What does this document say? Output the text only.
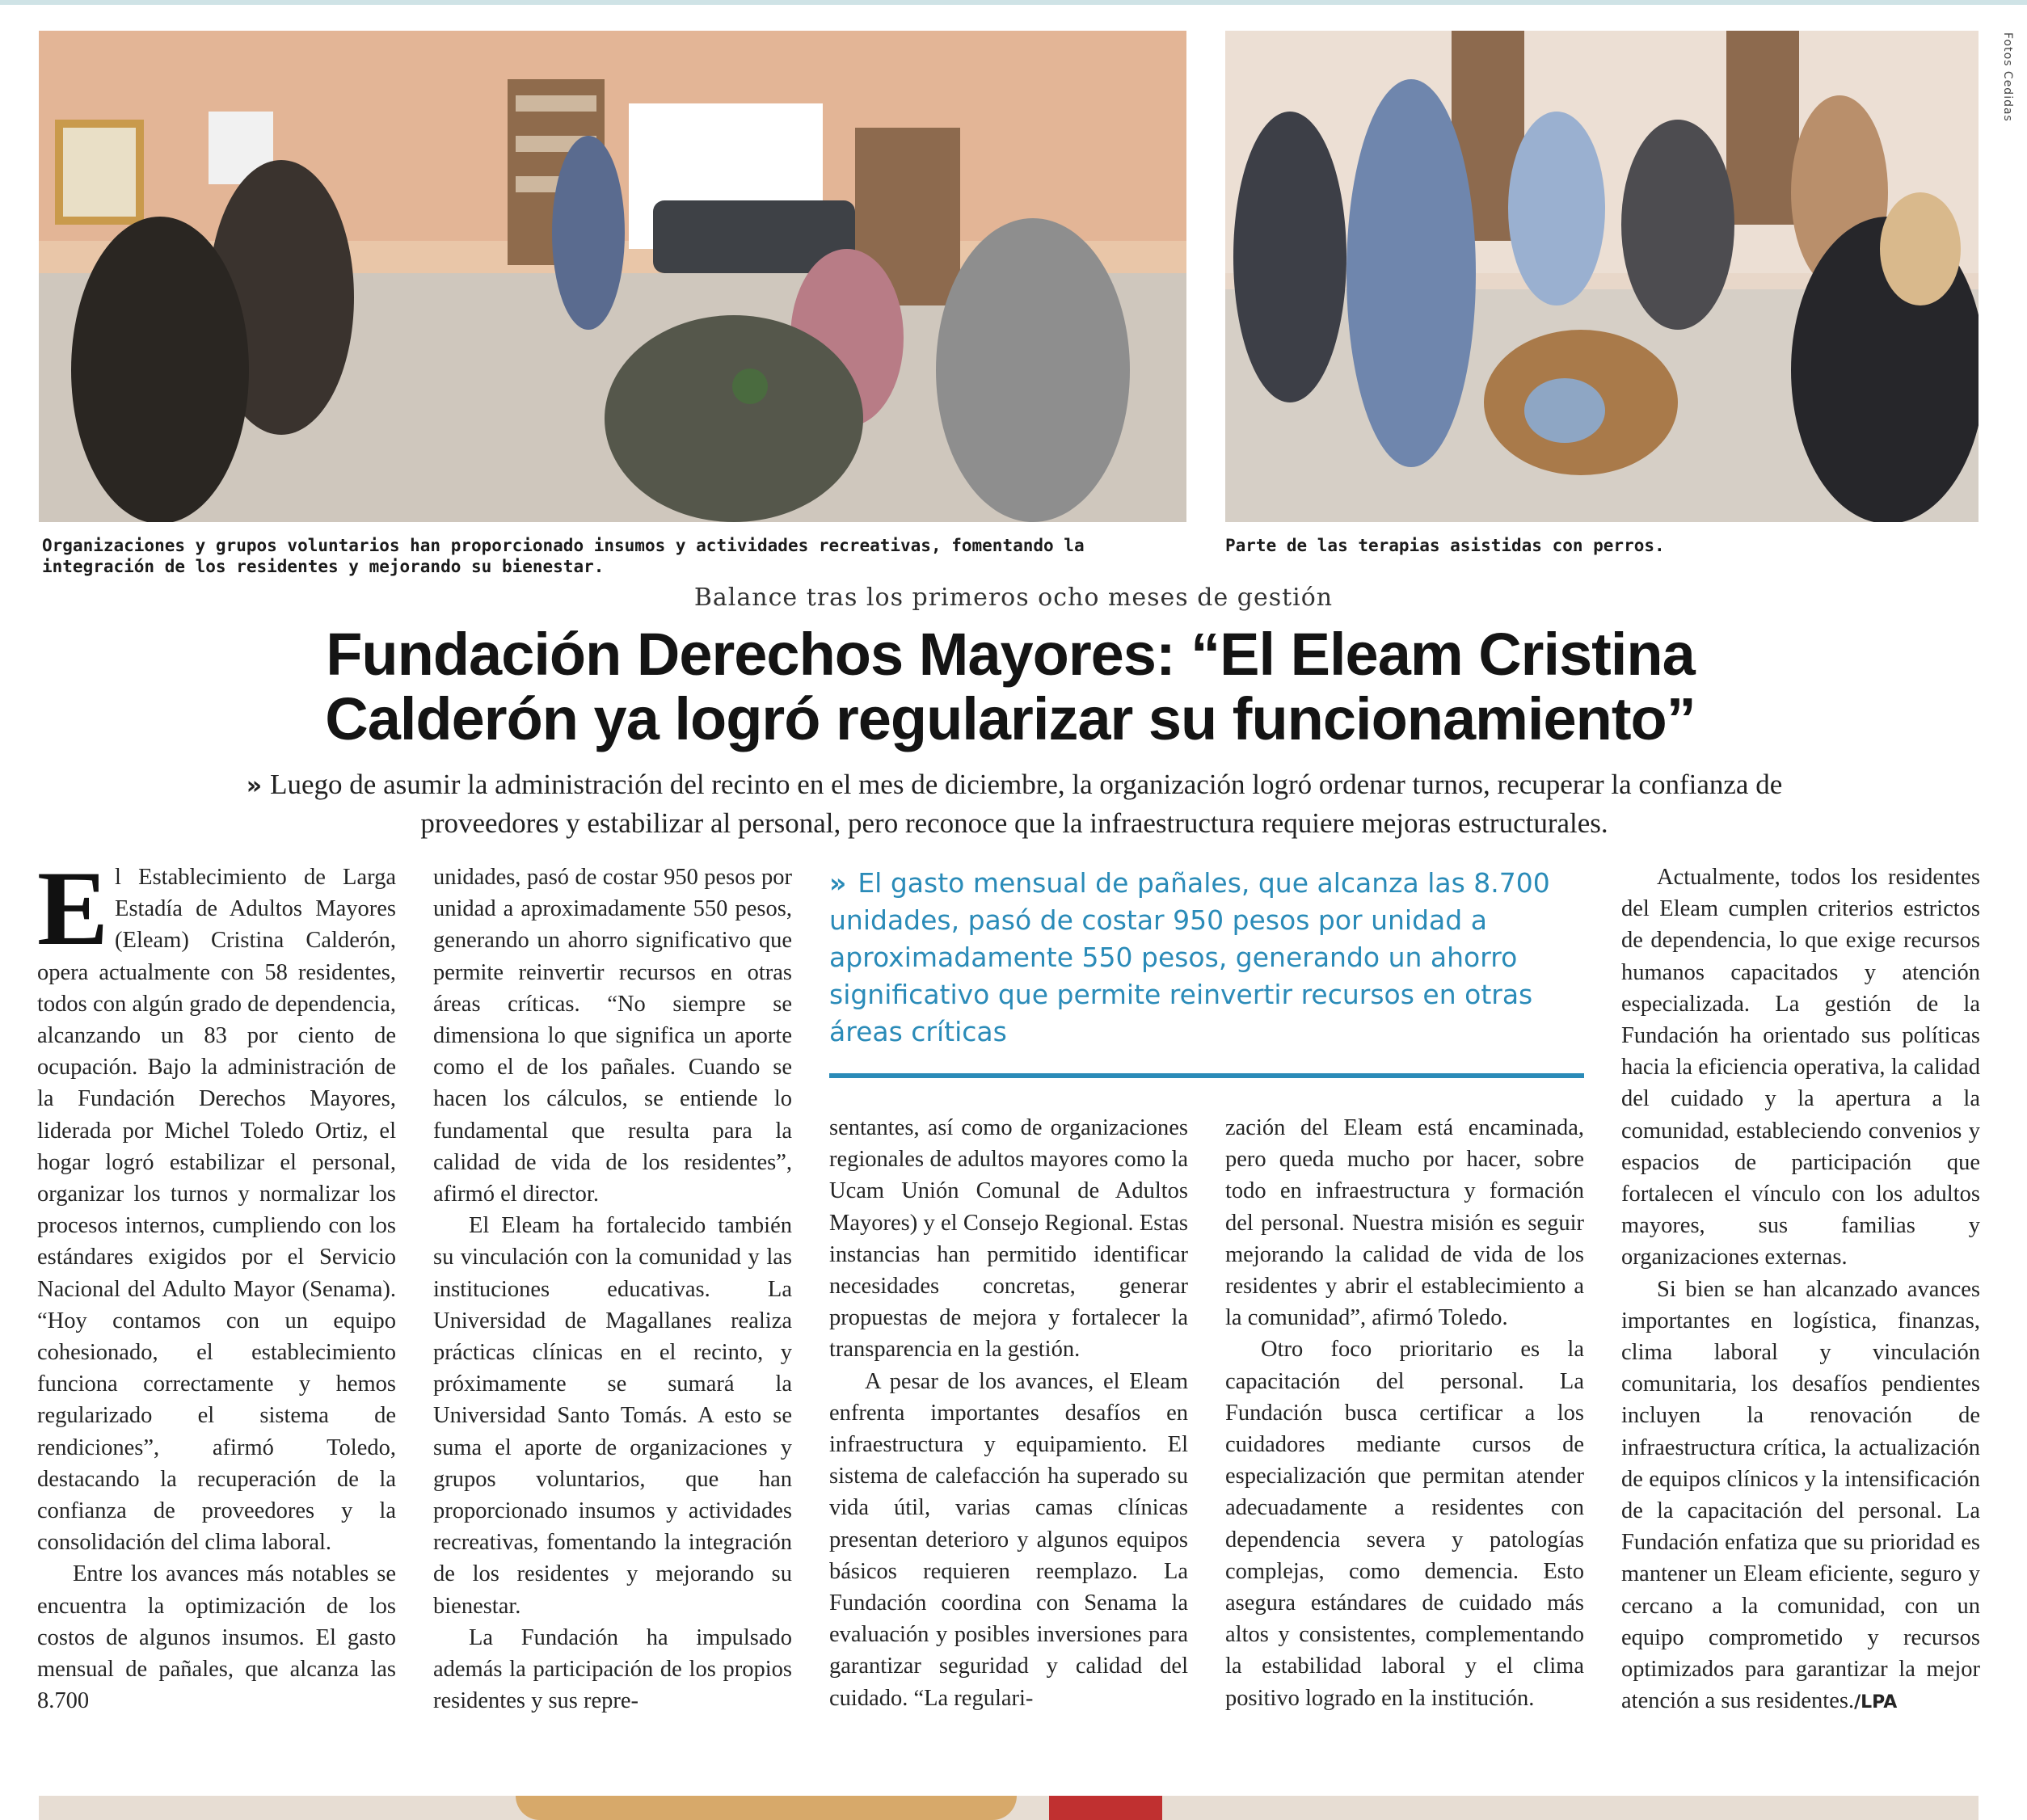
Fotos Cedidas
Organizaciones y grupos voluntarios han proporcionado insumos y actividades recreativas, fomentando la integración de los residentes y mejorando su bienestar.
Parte de las terapias asistidas con perros.
Balance tras los primeros ocho meses de gestión
Fundación Derechos Mayores: “El Eleam Cristina
Calderón ya logró regularizar su funcionamiento”
» Luego de asumir la administración del recinto en el mes de diciembre, la organización logró ordenar turnos, recuperar la confianza de proveedores y estabilizar al personal, pero reconoce que la infraestructura requiere mejoras estructurales.

El Establecimiento de Larga Estadía de Adultos Mayores (Eleam) Cristina Calderón, opera actualmente con 58 residentes, todos con algún grado de dependencia, alcanzando un 83 por ciento de ocupación. Bajo la administración de la Fundación Derechos Mayores, liderada por Michel Toledo Ortiz, el hogar logró estabilizar el personal, organizar los turnos y normalizar los procesos internos, cumpliendo con los estándares exigidos por el Servicio Nacional del Adulto Mayor (Senama). “Hoy contamos con un equipo cohesionado, el establecimiento funciona correctamente y hemos regularizado el sistema de rendiciones”, afirmó Toledo, destacando la recuperación de la confianza de proveedores y la consolidación del clima laboral.

Entre los avances más notables se encuentra la optimización de los costos de algunos insumos. El gasto mensual de pañales, que alcanza las 8.700

unidades, pasó de costar 950 pesos por unidad a aproximadamente 550 pesos, generando un ahorro significativo que permite reinvertir recursos en otras áreas críticas. “No siempre se dimensiona lo que significa un aporte como el de los pañales. Cuando se hacen los cálculos, se entiende lo fundamental que resulta para la calidad de vida de los residentes”, afirmó el director.

El Eleam ha fortalecido también su vinculación con la comunidad y las instituciones educativas. La Universidad de Magallanes realiza prácticas clínicas en el recinto, y próximamente se sumará la Universidad Santo Tomás. A esto se suma el aporte de organizaciones y grupos voluntarios, que han proporcionado insumos y actividades recreativas, fomentando la integración de los residentes y mejorando su bienestar.

La Fundación ha impulsado además la participación de los propios residentes y sus repre-

» El gasto mensual de pañales, que alcanza las 8.700 unidades, pasó de costar 950 pesos por unidad a aproximadamente 550 pesos, generando un ahorro significativo que permite reinvertir recursos en otras áreas críticas

sentantes, así como de organizaciones regionales de adultos mayores como la Ucam Unión Comunal de Adultos Mayores) y el Consejo Regional. Estas instancias han permitido identificar necesidades concretas, generar propuestas de mejora y fortalecer la transparencia en la gestión.

A pesar de los avances, el Eleam enfrenta importantes desafíos en infraestructura y equipamiento. El sistema de calefacción ha superado su vida útil, varias camas clínicas presentan deterioro y algunos equipos básicos requieren reemplazo. La Fundación coordina con Senama la evaluación y posibles inversiones para garantizar seguridad y calidad del cuidado. “La regulari-

zación del Eleam está encaminada, pero queda mucho por hacer, sobre todo en infraestructura y formación del personal. Nuestra misión es seguir mejorando la calidad de vida de los residentes y abrir el establecimiento a la comunidad”, afirmó Toledo.

Otro foco prioritario es la capacitación del personal. La Fundación busca certificar a los cuidadores mediante cursos de especialización que permitan atender adecuadamente a residentes con dependencia severa y patologías complejas, como demencia. Esto asegura estándares de cuidado más altos y consistentes, complementando la estabilidad laboral y el clima positivo logrado en la institución.

Actualmente, todos los residentes del Eleam cumplen criterios estrictos de dependencia, lo que exige recursos humanos capacitados y atención especializada. La gestión de la Fundación ha orientado sus políticas hacia la eficiencia operativa, la calidad del cuidado y la apertura a la comunidad, estableciendo convenios y espacios de participación que fortalecen el vínculo con los adultos mayores, sus familias y organizaciones externas.

Si bien se han alcanzado avances importantes en logística, finanzas, clima laboral y vinculación comunitaria, los desafíos pendientes incluyen la renovación de infraestructura crítica, la actualización de equipos clínicos y la intensificación de la capacitación del personal. La Fundación enfatiza que su prioridad es mantener un Eleam eficiente, seguro y cercano a la comunidad, con un equipo comprometido y recursos optimizados para garantizar la mejor atención a sus residentes./LPA
